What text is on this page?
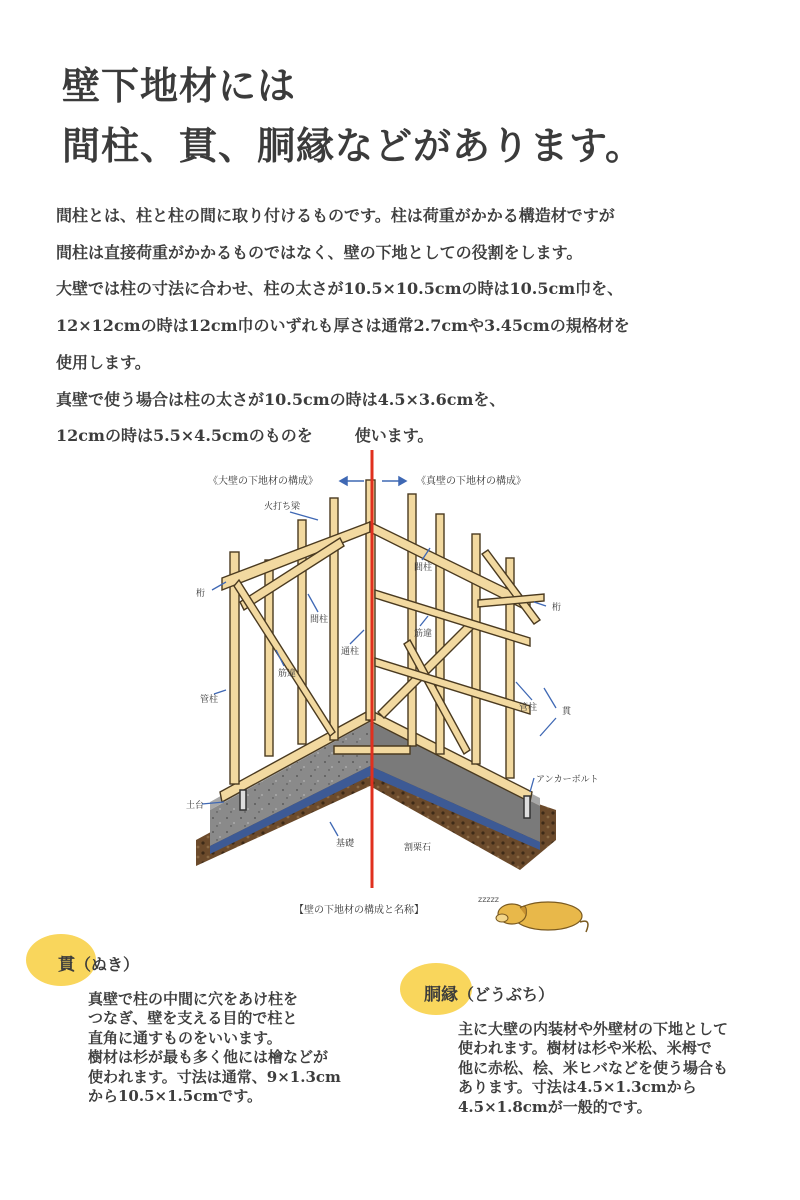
壁下地材には
間柱、貫、胴縁などがあります。
間柱とは、柱と柱の間に取り付けるものです。柱は荷重がかかる構造材ですが
間柱は直接荷重がかかるものではなく、壁の下地としての役割をします。
大壁では柱の寸法に合わせ、柱の太さが10.5×10.5cmの時は10.5cm巾を、
12×12cmの時は12cm巾のいずれも厚さは通常2.7cmや3.45cmの規格材を
使用します。
真壁で使う場合は柱の太さが10.5cmの時は4.5×3.6cmを、
12cmの時は5.5×4.5cmのものを	使います。
《大壁の下地材の構成》	《真壁の下地材の構成》
火打ち梁
桁
桁
間柱
間柱
通柱
筋違
筋違
管柱
管柱	貫
アンカーボルト
土台
基礎	割栗石
【壁の下地材の構成と名称】
zzzzz
貫（ぬき）
真壁で柱の中間に穴をあけ柱を
つなぎ、壁を支える目的で柱と
直角に通すものをいいます。
樹材は杉が最も多く他には檜などが
使われます。寸法は通常、9×1.3cm
から10.5×1.5cmです。
胴縁（どうぶち）
主に大壁の内装材や外壁材の下地として
使われます。樹材は杉や米松、米栂で
他に赤松、桧、米ヒバなどを使う場合も
あります。寸法は4.5×1.3cmから
4.5×1.8cmが一般的です。
